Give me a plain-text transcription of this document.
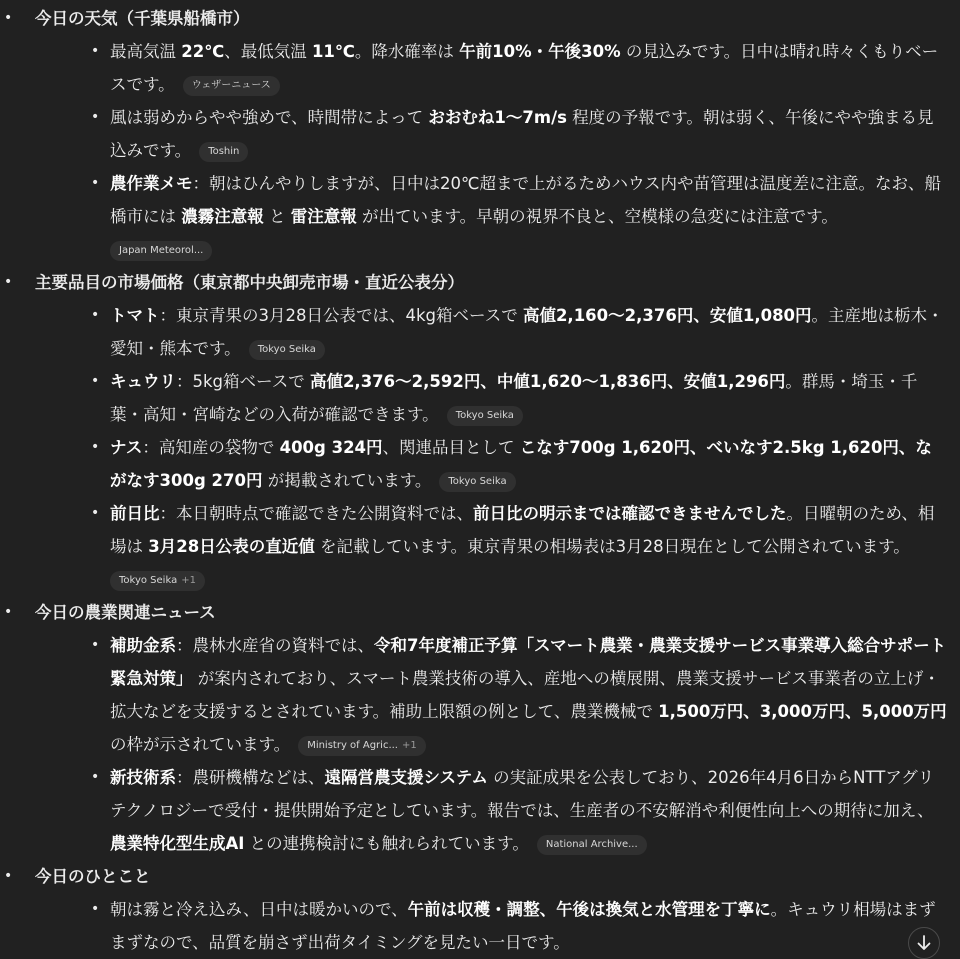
• 今日の天気（千葉県船橋市）
• 最高気温 22℃、最低気温 11℃。降水確率は 午前10%・午後30% の見込みです。日中は晴れ時々くもりベースです。 ウェザーニュース
• 風は弱めからやや強めで、時間帯によって おおむね1〜7m/s 程度の予報です。朝は弱く、午後にやや強まる見込みです。 Toshin
• 農作業メモ：朝はひんやりしますが、日中は20℃超まで上がるためハウス内や苗管理は温度差に注意。なお、船橋市には 濃霧注意報 と 雷注意報 が出ています。早朝の視界不良と、空模様の急変には注意です。
Japan Meteorol...
• 主要品目の市場価格（東京都中央卸売市場・直近公表分）
• トマト：東京青果の3月28日公表では、4kg箱ベースで 高値2,160〜2,376円、安値1,080円。主産地は栃木・愛知・熊本です。 Tokyo Seika
• キュウリ：5kg箱ベースで 高値2,376〜2,592円、中値1,620〜1,836円、安値1,296円。群馬・埼玉・千葉・高知・宮崎などの入荷が確認できます。 Tokyo Seika
• ナス：高知産の袋物で 400g 324円、関連品目として こなす700g 1,620円、べいなす2.5kg 1,620円、ながなす300g 270円 が掲載されています。 Tokyo Seika
• 前日比：本日朝時点で確認できた公開資料では、前日比の明示までは確認できませんでした。日曜朝のため、相場は 3月28日公表の直近値 を記載しています。東京青果の相場表は3月28日現在として公開されています。
Tokyo Seika +1
• 今日の農業関連ニュース
• 補助金系：農林水産省の資料では、令和7年度補正予算「スマート農業・農業支援サービス事業導入総合サポート緊急対策」 が案内されており、スマート農業技術の導入、産地への横展開、農業支援サービス事業者の立上げ・拡大などを支援するとされています。補助上限額の例として、農業機械で 1,500万円、3,000万円、5,000万円 の枠が示されています。 Ministry of Agric... +1
• 新技術系：農研機構などは、遠隔営農支援システム の実証成果を公表しており、2026年4月6日からNTTアグリテクノロジーで受付・提供開始予定としています。報告では、生産者の不安解消や利便性向上への期待に加え、農業特化型生成AI との連携検討にも触れられています。 National Archive...
• 今日のひとこと
• 朝は霧と冷え込み、日中は暖かいので、午前は収穫・調整、午後は換気と水管理を丁寧に。キュウリ相場はまずまずなので、品質を崩さず出荷タイミングを見たい一日です。
